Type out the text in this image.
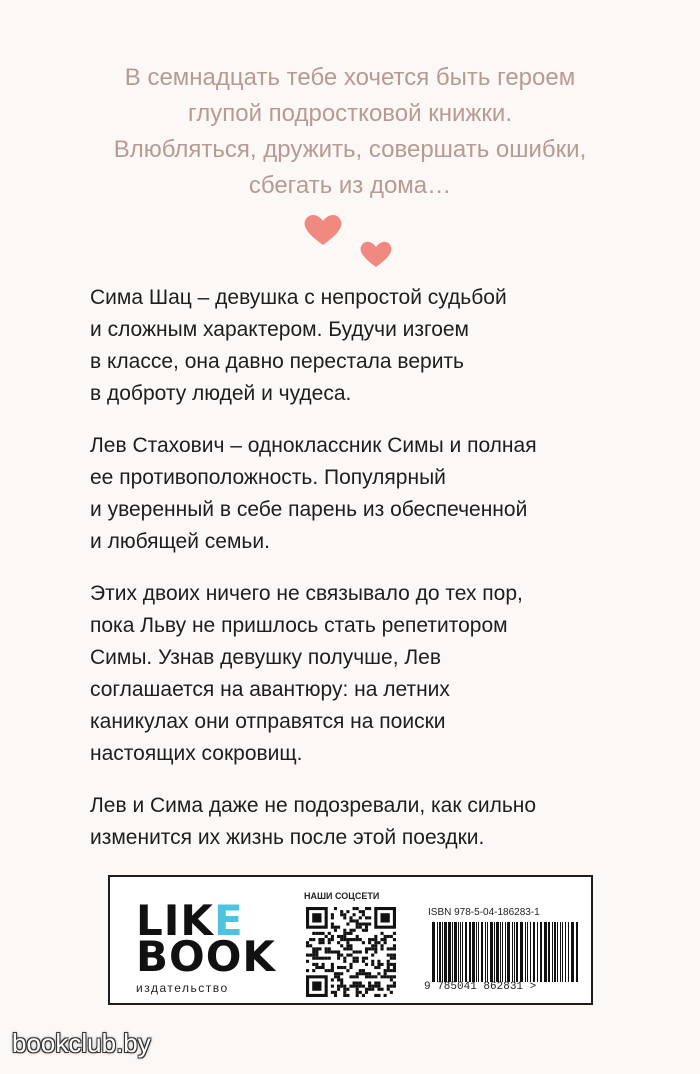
В семнадцать тебе хочется быть героем
глупой подростковой книжки.
Влюбляться, дружить, совершать ошибки,
сбегать из дома…
Сима Шац – девушка с непростой судьбой
и сложным характером. Будучи изгоем
в классе, она давно перестала верить
в доброту людей и чудеса.
Лев Стахович – одноклассник Симы и полная
ее противоположность. Популярный
и уверенный в себе парень из обеспеченной
и любящей семьи.
Этих двоих ничего не связывало до тех пор,
пока Льву не пришлось стать репетитором
Симы. Узнав девушку получше, Лев
соглашается на авантюру: на летних
каникулах они отправятся на поиски
настоящих сокровищ.
Лев и Сима даже не подозревали, как сильно
изменится их жизнь после этой поездки.
LIKE
BOOK
издательство
НАШИ СОЦСЕТИ
ISBN 978-5-04-186283-1
9 785041 862831 >
bookclub.by
